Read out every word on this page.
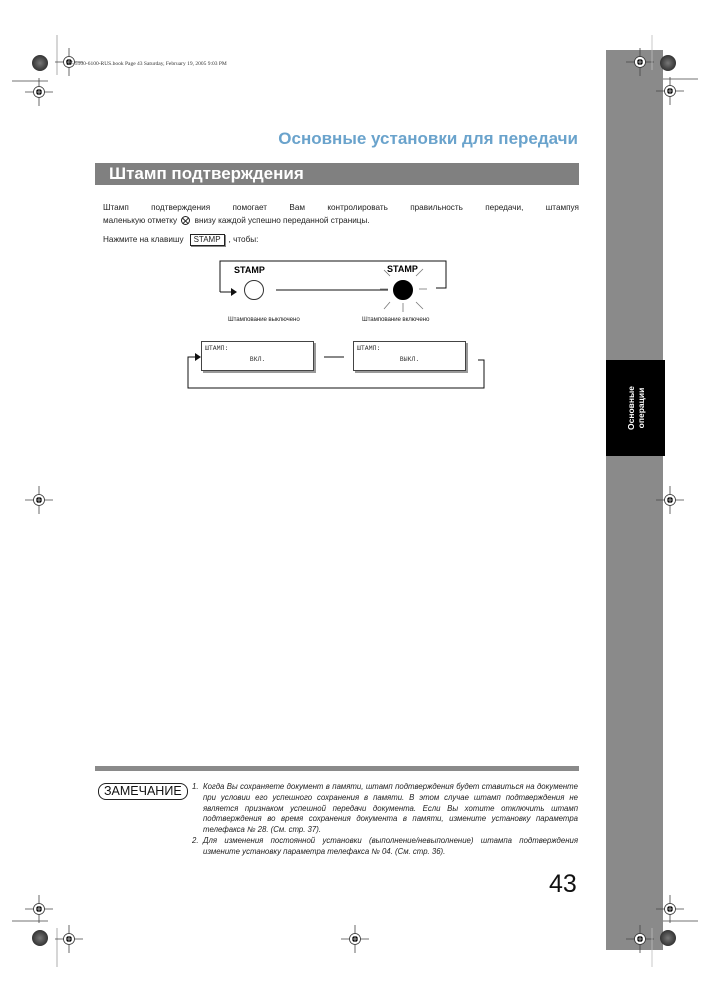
Основные операции
UF-5100-6100-RUS.book Page 43 Saturday, February 19, 2005 9:03 PM
Основные установки для передачи
Штамп подтверждения
Штамп подтверждения помогает Вам контролировать правильность передачи, штампуя
маленькую отметку внизу каждой успешно переданной страницы.
Нажмите на клавишу STAMP , чтобы:
STAMP	STAMP
Штампование выключено	Штампование включено
ШТАМП:
ВКЛ.
ШТАМП:
ВЫКЛ.
ЗАМЕЧАНИЕ	1. Когда Вы сохраняете документ в памяти, штамп подтверждения будет ставиться на документе при условии его успешного сохранения в памяти. В этом случае штамп подтверждения не является признаком успешной передачи документа. Если Вы хотите отключить штамп подтверждения во время сохранения документа в памяти, измените установку параметра телефакса № 28. (См. стр. 37).
2. Для изменения постоянной установки (выполнение/невыполнение) штампа подтверждения измените установку параметра телефакса № 04. (См. стр. 36).
43
